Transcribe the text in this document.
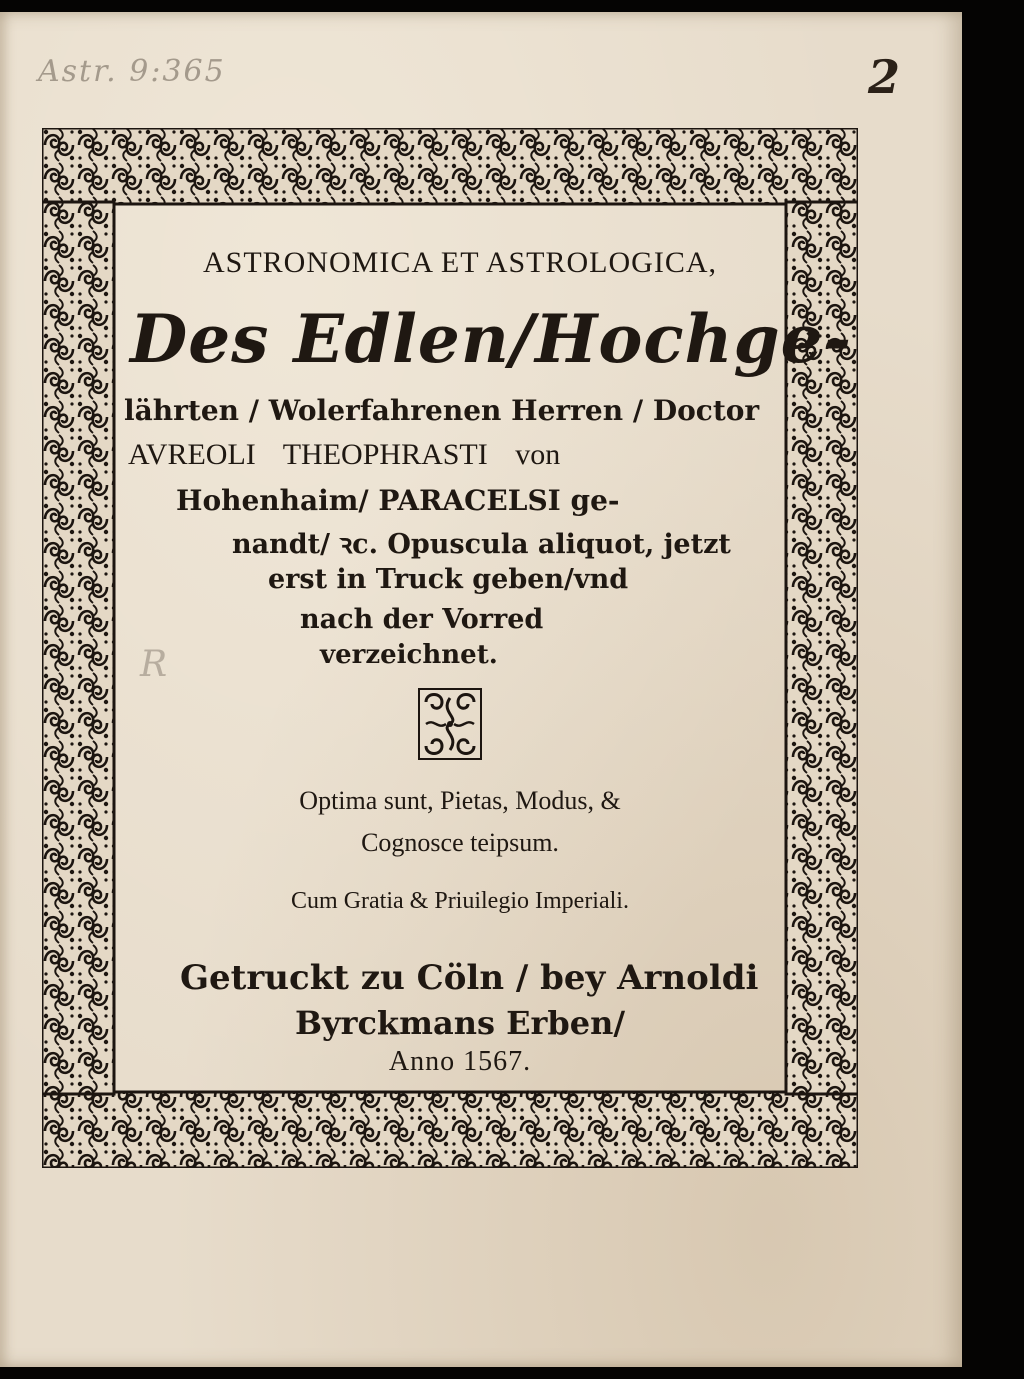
Astr. 9:365	2
R
ASTRONOMICA ET ASTROLOGICA,
Des Edlen/Hochge-
lährten / Wolerfahrenen Herren / Doctor
AVREOLI THEOPHRASTI von
Hohenhaim/ PARACELSI ge-
nandt/ ꝛc. Opuscula aliquot, jetzt
erst in Truck geben/vnd
nach der Vorred
verzeichnet.
Optima sunt, Pietas, Modus, &
Cognosce teipsum.
Cum Gratia & Priuilegio Imperiali.
Getruckt zu Cöln / bey Arnoldi
Byrckmans Erben/
Anno 1567.
